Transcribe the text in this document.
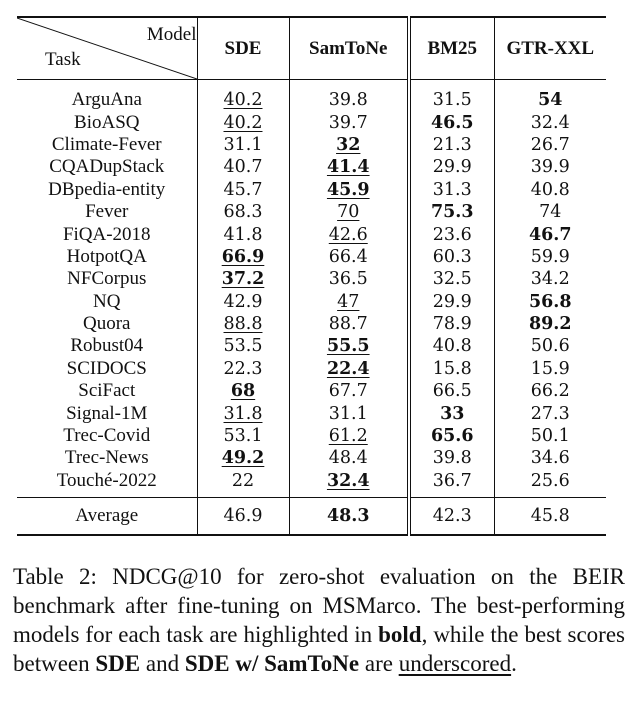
Model
Task	SDE	SamToNe	BM25	GTR-XXL
ArguAna	40.2	39.8	31.5	54
BioASQ	40.2	39.7	46.5	32.4
Climate-Fever	31.1	32	21.3	26.7
CQADupStack	40.7	41.4	29.9	39.9
DBpedia-entity	45.7	45.9	31.3	40.8
Fever	68.3	70	75.3	74
FiQA-2018	41.8	42.6	23.6	46.7
HotpotQA	66.9	66.4	60.3	59.9
NFCorpus	37.2	36.5	32.5	34.2
NQ	42.9	47	29.9	56.8
Quora	88.8	88.7	78.9	89.2
Robust04	53.5	55.5	40.8	50.6
SCIDOCS	22.3	22.4	15.8	15.9
SciFact	68	67.7	66.5	66.2
Signal-1M	31.8	31.1	33	27.3
Trec-Covid	53.1	61.2	65.6	50.1
Trec-News	49.2	48.4	39.8	34.6
Touché-2022	22	32.4	36.7	25.6
Average	46.9	48.3	42.3	45.8
Table 2: NDCG@10 for zero-shot evaluation on the BEIR benchmark after fine-tuning on MSMarco. The best-performing models for each task are highlighted in bold, while the best scores between SDE and SDE w/ SamToNe are underscored.
